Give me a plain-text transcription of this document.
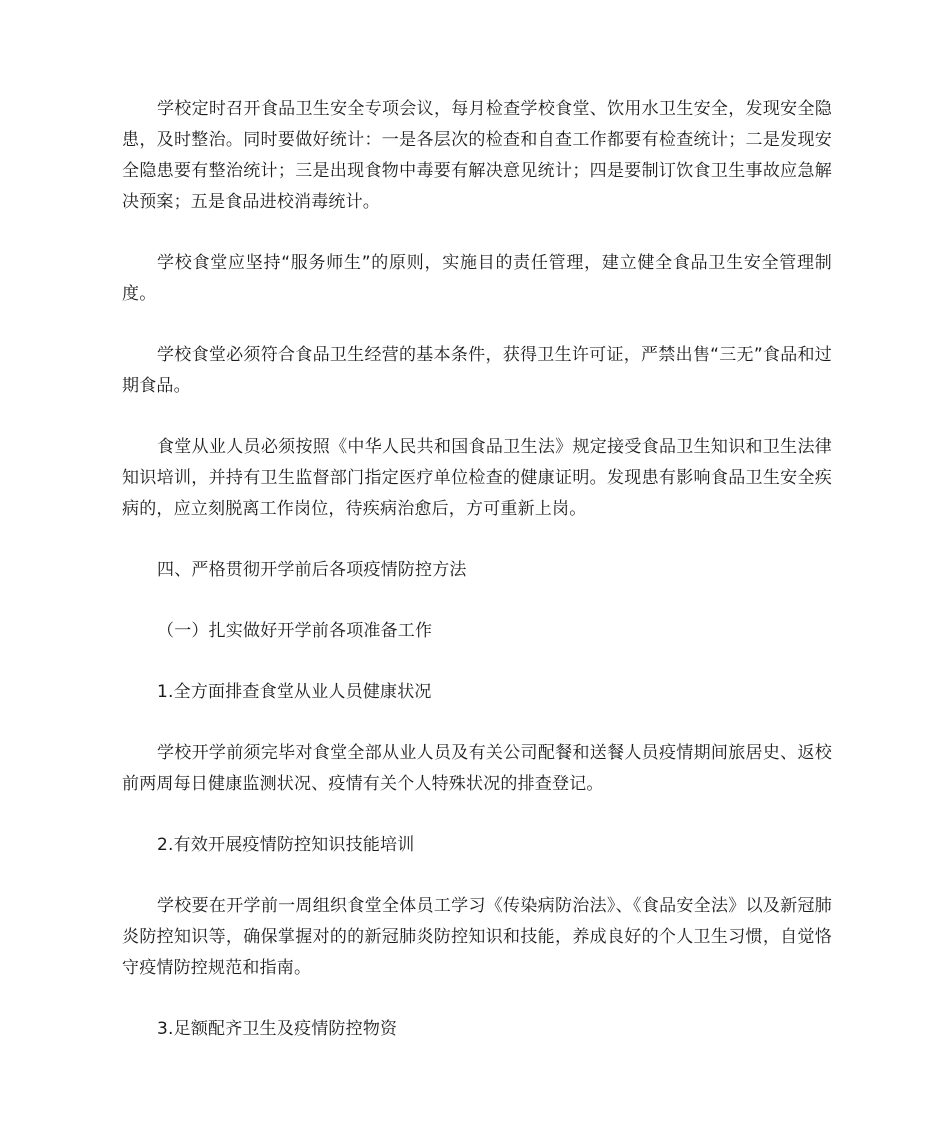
学校定时召开食品卫生安全专项会议，每月检查学校食堂、饮用水卫生安全，发现安全隐患，及时整治。同时要做好统计：一是各层次的检查和自查工作都要有检查统计；二是发现安全隐患要有整治统计；三是出现食物中毒要有解决意见统计；四是要制订饮食卫生事故应急解决预案；五是食品进校消毒统计。

学校食堂应坚持“服务师生”的原则，实施目的责任管理，建立健全食品卫生安全管理制度。

学校食堂必须符合食品卫生经营的基本条件，获得卫生许可证，严禁出售“三无”食品和过期食品。

食堂从业人员必须按照《中华人民共和国食品卫生法》规定接受食品卫生知识和卫生法律知识培训，并持有卫生监督部门指定医疗单位检查的健康证明。发现患有影响食品卫生安全疾病的，应立刻脱离工作岗位，待疾病治愈后，方可重新上岗。

四、严格贯彻开学前后各项疫情防控方法

（一）扎实做好开学前各项准备工作

1.全方面排查食堂从业人员健康状况

学校开学前须完毕对食堂全部从业人员及有关公司配餐和送餐人员疫情期间旅居史、返校前两周每日健康监测状况、疫情有关个人特殊状况的排查登记。

2.有效开展疫情防控知识技能培训

学校要在开学前一周组织食堂全体员工学习《传染病防治法》、《食品安全法》以及新冠肺炎防控知识等，确保掌握对的的新冠肺炎防控知识和技能，养成良好的个人卫生习惯，自觉恪守疫情防控规范和指南。

3.足额配齐卫生及疫情防控物资
